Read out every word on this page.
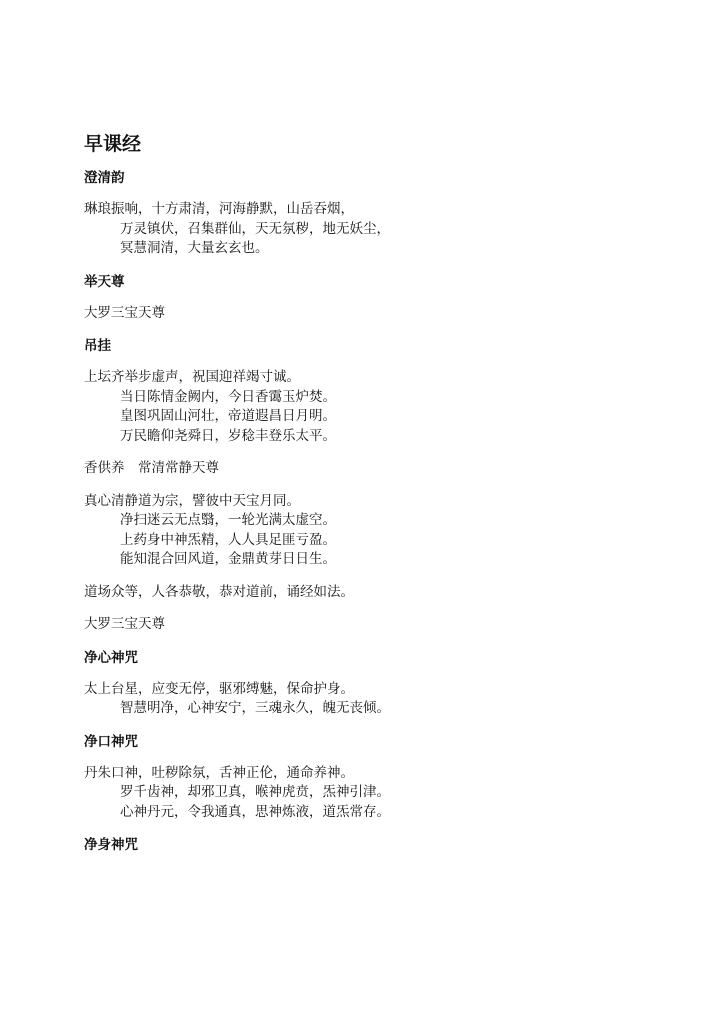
早课经
澄清韵
琳琅振响，十方肃清，河海静默，山岳吞烟，
万灵镇伏，召集群仙，天无氛秽，地无妖尘，
冥慧洞清，大量玄玄也。
举天尊
大罗三宝天尊
吊挂
上坛齐举步虚声，祝国迎祥竭寸诚。
当日陈情金阙内，今日香霭玉炉焚。
皇图巩固山河壮，帝道遐昌日月明。
万民瞻仰尧舜日，岁稔丰登乐太平。
香供养　常清常静天尊
真心清静道为宗，譬彼中天宝月同。
净扫迷云无点翳，一轮光满太虚空。
上药身中神炁精，人人具足匪亏盈。
能知混合回风道，金鼎黄芽日日生。
道场众等，人各恭敬，恭对道前，诵经如法。
大罗三宝天尊
净心神咒
太上台星，应变无停，驱邪缚魅，保命护身。
智慧明净，心神安宁，三魂永久，魄无丧倾。
净口神咒
丹朱口神，吐秽除氛，舌神正伦，通命养神。
罗千齿神，却邪卫真，喉神虎贲，炁神引津。
心神丹元，令我通真，思神炼液，道炁常存。
净身神咒
